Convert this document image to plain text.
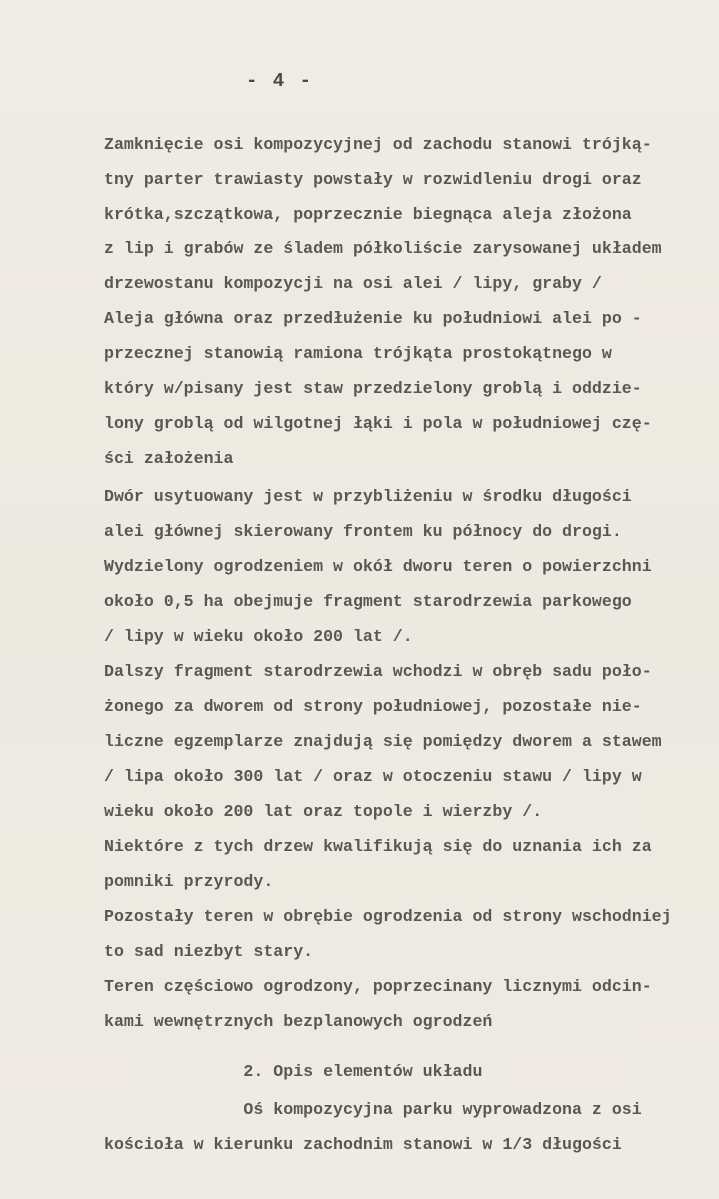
- 4 -
Zamknięcie osi kompozycyjnej od zachodu stanowi trójką-
tny parter trawiasty powstały w rozwidleniu drogi oraz
krótka,szczątkowa, poprzecznie biegnąca aleja złożona
z lip i grabów ze śladem półkoliście zarysowanej układem
drzewostanu kompozycji na osi alei / lipy, graby /
Aleja główna oraz przedłużenie ku południowi alei po -
przecznej stanowią ramiona trójkąta prostokątnego w
który w/pisany jest staw przedzielony groblą i oddzie-
lony groblą od wilgotnej łąki i pola w południowej czę-
ści założenia
Dwór usytuowany jest w przybliżeniu w środku długości
alei głównej skierowany frontem ku północy do drogi.
Wydzielony ogrodzeniem w okół dworu teren o powierzchni
około 0,5 ha obejmuje fragment starodrzewia parkowego
/ lipy w wieku około 200 lat /.
Dalszy fragment starodrzewia wchodzi w obręb sadu poło-
żonego za dworem od strony południowej, pozostałe nie-
liczne egzemplarze znajdują się pomiędzy dworem a stawem
/ lipa około 300 lat / oraz w otoczeniu stawu / lipy w
wieku około 200 lat oraz topole i wierzby /.
Niektóre z tych drzew kwalifikują się do uznania ich za
pomniki przyrody.
Pozostały teren w obrębie ogrodzenia od strony wschodniej
to sad niezbyt stary.
Teren częściowo ogrodzony, poprzecinany licznymi odcin-
kami wewnętrznych bezplanowych ogrodzeń
2. Opis elementów układu
Oś kompozycyjna parku wyprowadzona z osi
kościoła w kierunku zachodnim stanowi w 1/3 długości
